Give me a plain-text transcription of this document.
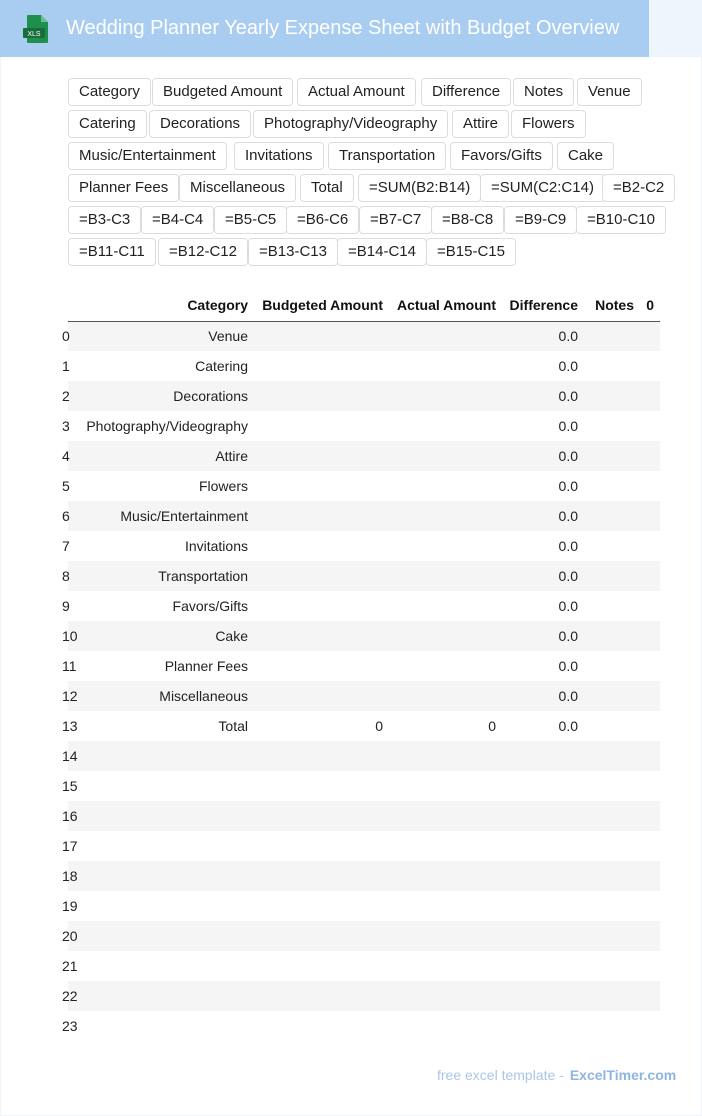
XLS Wedding Planner Yearly Expense Sheet with Budget Overview
Category	Budgeted Amount	Actual Amount	Difference	Notes	Venue
Catering	Decorations	Photography/Videography	Attire	Flowers
Music/Entertainment	Invitations	Transportation	Favors/Gifts	Cake
Planner Fees	Miscellaneous	Total	=SUM(B2:B14)	=SUM(C2:C14)	=B2-C2
=B3-C3	=B4-C4	=B5-C5	=B6-C6	=B7-C7	=B8-C8	=B9-C9	=B10-C10
=B11-C11	=B12-C12	=B13-C13	=B14-C14	=B15-C15
	Category	Budgeted Amount	Actual Amount	Difference	Notes	0
0	Venue			0.0		
1	Catering			0.0		
2	Decorations			0.0		
3	Photography/Videography			0.0		
4	Attire			0.0		
5	Flowers			0.0		
6	Music/Entertainment			0.0		
7	Invitations			0.0		
8	Transportation			0.0		
9	Favors/Gifts			0.0		
10	Cake			0.0		
11	Planner Fees			0.0		
12	Miscellaneous			0.0		
13	Total	0	0	0.0		
14						
15						
16						
17						
18						
19						
20						
21						
22						
23						
free excel template - ExcelTimer.com
